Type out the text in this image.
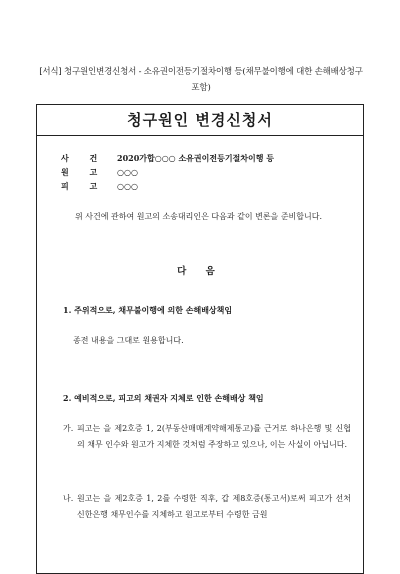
[서식] 청구원인변경신청서 - 소유권이전등기절차이행 등(채무불이행에 대한 손해배상청구 포함)
청구원인 변경신청서
사 건	2020가합○○○ 소유권이전등기절차이행 등
원 고	○○○
피 고	○○○
위 사건에 관하여 원고의 소송대리인은 다음과 같이 변론을 준비합니다.
다 음
1. 주위적으로, 채무불이행에 의한 손해배상책임
종전 내용을 그대로 원용합니다.
2. 예비적으로, 피고의 채권자 지체로 인한 손해배상 책임
가. 피고는 을 제2호증 1, 2(부동산매매계약해제통고)를 근거로 하나은행 및 신협의 채무 인수와 원고가 지체한 것처럼 주장하고 있으나, 이는 사실이 아닙니다.
나. 원고는 을 제2호증 1, 2를 수령한 직후, 갑 제8호증(통고서)로써 피고가 선처 신한은행 채무인수를 지체하고 원고로부터 수령한 금원
